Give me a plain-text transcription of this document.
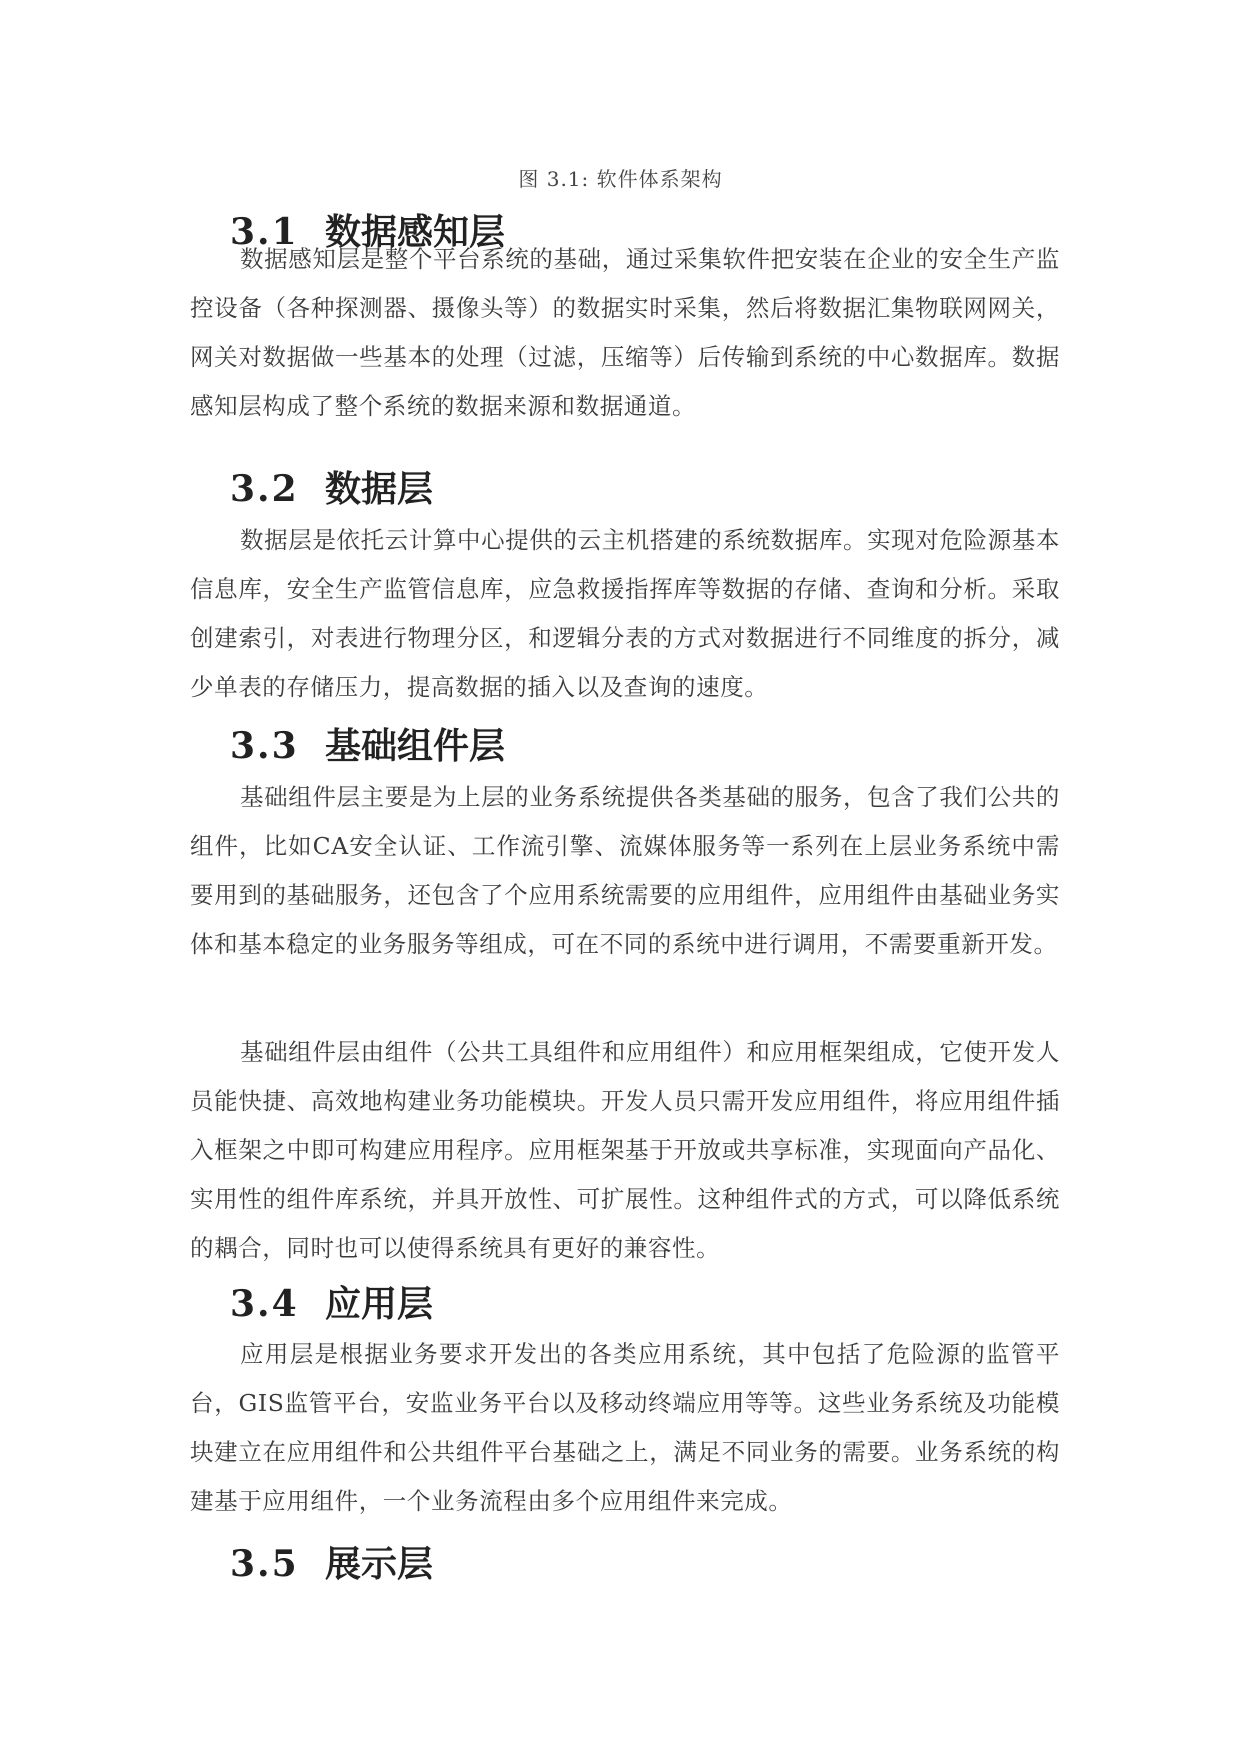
图 3.1: 软件体系架构
3.1 数据感知层
数据感知层是整个平台系统的基础，通过采集软件把安装在企业的安全生产监控设备（各种探测器、摄像头等）的数据实时采集，然后将数据汇集物联网网关，网关对数据做一些基本的处理（过滤，压缩等）后传输到系统的中心数据库。数据感知层构成了整个系统的数据来源和数据通道。
3.2 数据层
数据层是依托云计算中心提供的云主机搭建的系统数据库。实现对危险源基本信息库，安全生产监管信息库，应急救援指挥库等数据的存储、查询和分析。采取创建索引，对表进行物理分区，和逻辑分表的方式对数据进行不同维度的拆分，减少单表的存储压力，提高数据的插入以及查询的速度。
3.3 基础组件层
基础组件层主要是为上层的业务系统提供各类基础的服务，包含了我们公共的组件，比如CA安全认证、工作流引擎、流媒体服务等一系列在上层业务系统中需要用到的基础服务，还包含了个应用系统需要的应用组件，应用组件由基础业务实体和基本稳定的业务服务等组成，可在不同的系统中进行调用，不需要重新开发。
基础组件层由组件（公共工具组件和应用组件）和应用框架组成，它使开发人员能快捷、高效地构建业务功能模块。开发人员只需开发应用组件，将应用组件插入框架之中即可构建应用程序。应用框架基于开放或共享标准，实现面向产品化、实用性的组件库系统，并具开放性、可扩展性。这种组件式的方式，可以降低系统的耦合，同时也可以使得系统具有更好的兼容性。
3.4 应用层
应用层是根据业务要求开发出的各类应用系统，其中包括了危险源的监管平台，GIS监管平台，安监业务平台以及移动终端应用等等。这些业务系统及功能模块建立在应用组件和公共组件平台基础之上，满足不同业务的需要。业务系统的构建基于应用组件，一个业务流程由多个应用组件来完成。
3.5 展示层
